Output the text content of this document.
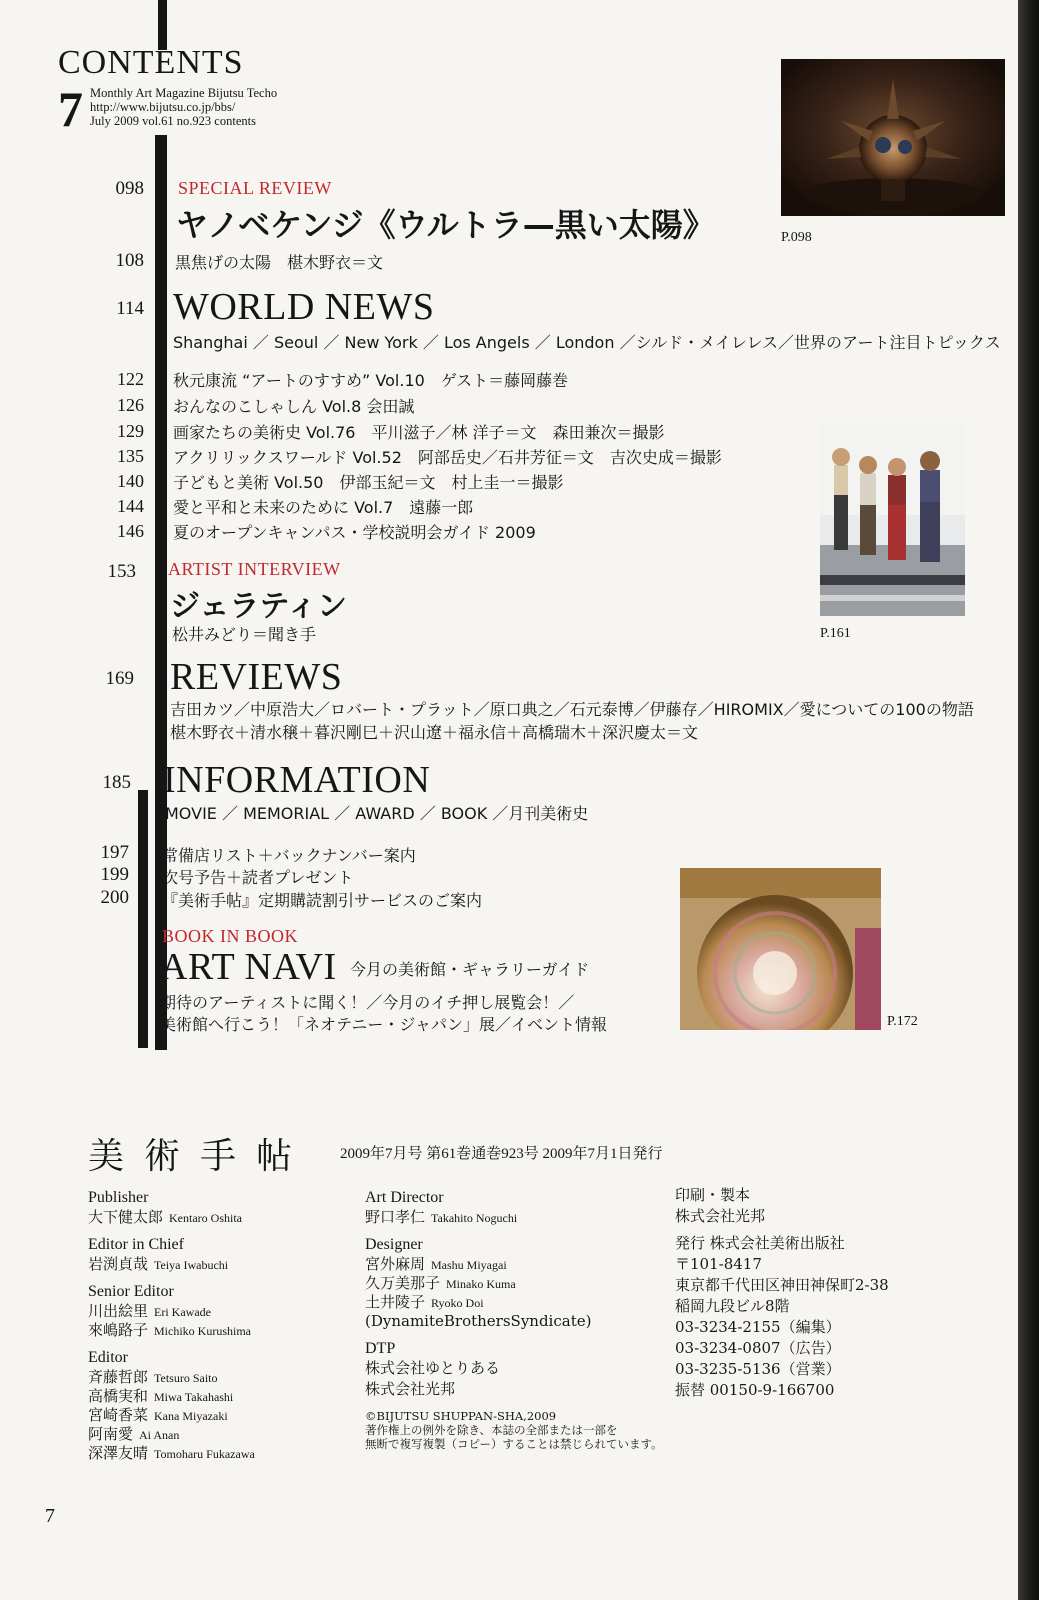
CONTENTS
7 Monthly Art Magazine Bijutsu Techo
http://www.bijutsu.co.jp/bbs/
July 2009 vol.61 no.923 contents
P.098
P.161
P.172
098 SPECIAL REVIEW
ヤノベケンジ《ウルトラ—黒い太陽》
108 黒焦げの太陽　椹木野衣＝文
114 WORLD NEWS
Shanghai ／ Seoul ／ New York ／ Los Angels ／ London ／シルド・メイレレス／世界のアート注目トピックス
122 秋元康流 “アートのすすめ” Vol.10　ゲスト＝藤岡藤巻
126 おんなのこしゃしん Vol.8 会田誠
129 画家たちの美術史 Vol.76　平川滋子／林 洋子＝文　森田兼次＝撮影
135 アクリリックスワールド Vol.52　阿部岳史／石井芳征＝文　吉次史成＝撮影
140 子どもと美術 Vol.50　伊部玉紀＝文　村上圭一＝撮影
144 愛と平和と未来のために Vol.7　遠藤一郎
146 夏のオープンキャンパス・学校説明会ガイド 2009
153 ARTIST INTERVIEW
ジェラティン
松井みどり＝聞き手
169 REVIEWS
吉田カツ／中原浩大／ロバート・プラット／原口典之／石元泰博／伊藤存／HIROMIX／愛についての100の物語
椹木野衣＋清水穣＋暮沢剛巳＋沢山遼＋福永信＋高橋瑞木＋深沢慶太＝文
185 INFORMATION
MOVIE ／ MEMORIAL ／ AWARD ／ BOOK ／月刊美術史
197 常備店リスト＋バックナンバー案内
199 次号予告＋読者プレゼント
200 『美術手帖』定期購読割引サービスのご案内
BOOK IN BOOK
ART NAVI 今月の美術館・ギャラリーガイド
期待のアーティストに聞く！／今月のイチ押し展覧会！／
美術館へ行こう！「ネオテニー・ジャパン」展／イベント情報
美術手帖 2009年7月号 第61巻通巻923号 2009年7月1日発行
Publisher
大下健太郎 Kentaro Oshita
Editor in Chief
岩渕貞哉 Teiya Iwabuchi
Senior Editor
川出絵里 Eri Kawade
來嶋路子 Michiko Kurushima
Editor
斉藤哲郎 Tetsuro Saito
高橋実和 Miwa Takahashi
宮崎香菜 Kana Miyazaki
阿南愛 Ai Anan
深澤友晴 Tomoharu Fukazawa
Art Director
野口孝仁 Takahito Noguchi
Designer
宮外麻周 Mashu Miyagai
久万美那子 Minako Kuma
土井陵子 Ryoko Doi
(DynamiteBrothersSyndicate)
DTP
株式会社ゆとりある
株式会社光邦
©BIJUTSU SHUPPAN-SHA,2009
著作権上の例外を除き、本誌の全部または一部を
無断で複写複製（コピー）することは禁じられています。
印刷・製本
株式会社光邦
発行 株式会社美術出版社
〒101-8417
東京都千代田区神田神保町2-38
稲岡九段ビル8階
03-3234-2155（編集）
03-3234-0807（広告）
03-3235-5136（営業）
振替 00150-9-166700
7
